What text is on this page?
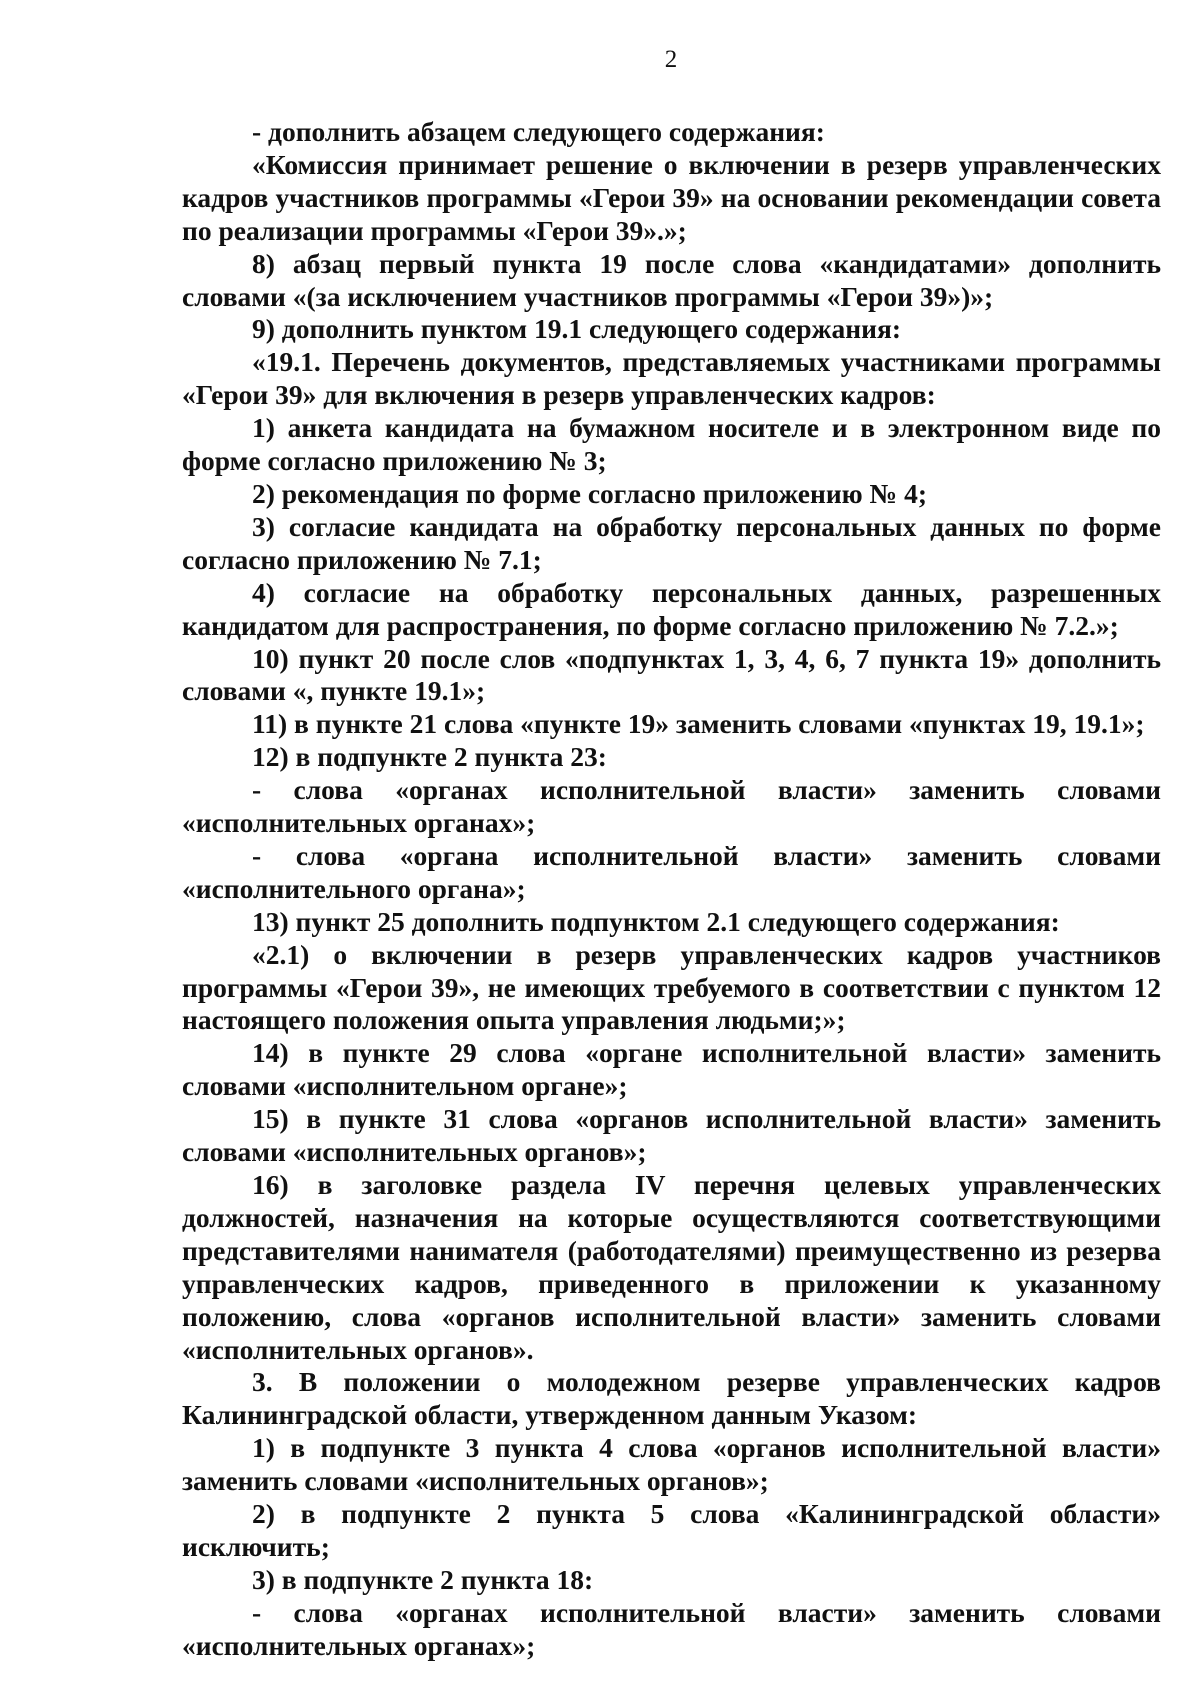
2

- дополнить абзацем следующего содержания:

«Комиссия принимает решение о включении в резерв управленческих кадров участников программы «Герои 39» на основании рекомендации совета по реализации программы «Герои 39».»;

8) абзац первый пункта 19 после слова «кандидатами» дополнить словами «(за исключением участников программы «Герои 39»)»;

9) дополнить пунктом 19.1 следующего содержания:

«19.1. Перечень документов, представляемых участниками программы «Герои 39» для включения в резерв управленческих кадров:

1) анкета кандидата на бумажном носителе и в электронном виде по форме согласно приложению № 3;

2) рекомендация по форме согласно приложению № 4;

3) согласие кандидата на обработку персональных данных по форме согласно приложению № 7.1;

4) согласие на обработку персональных данных, разрешенных кандидатом для распространения, по форме согласно приложению № 7.2.»;

10) пункт 20 после слов «подпунктах 1, 3, 4, 6, 7 пункта 19» дополнить словами «, пункте 19.1»;

11) в пункте 21 слова «пункте 19» заменить словами «пунктах 19, 19.1»;

12) в подпункте 2 пункта 23:

- слова «органах исполнительной власти» заменить словами «исполнительных органах»;

- слова «органа исполнительной власти» заменить словами «исполнительного органа»;

13) пункт 25 дополнить подпунктом 2.1 следующего содержания:

«2.1) о включении в резерв управленческих кадров участников программы «Герои 39», не имеющих требуемого в соответствии с пунктом 12 настоящего положения опыта управления людьми;»;

14) в пункте 29 слова «органе исполнительной власти» заменить словами «исполнительном органе»;

15) в пункте 31 слова «органов исполнительной власти» заменить словами «исполнительных органов»;

16) в заголовке раздела IV перечня целевых управленческих должностей, назначения на которые осуществляются соответствующими представителями нанимателя (работодателями) преимущественно из резерва управленческих кадров, приведенного в приложении к указанному положению, слова «органов исполнительной власти» заменить словами «исполнительных органов».

3. В положении о молодежном резерве управленческих кадров Калининградской области, утвержденном данным Указом:

1) в подпункте 3 пункта 4 слова «органов исполнительной власти» заменить словами «исполнительных органов»;

2) в подпункте 2 пункта 5 слова «Калининградской области» исключить;

3) в подпункте 2 пункта 18:

- слова «органах исполнительной власти» заменить словами «исполнительных органах»;
